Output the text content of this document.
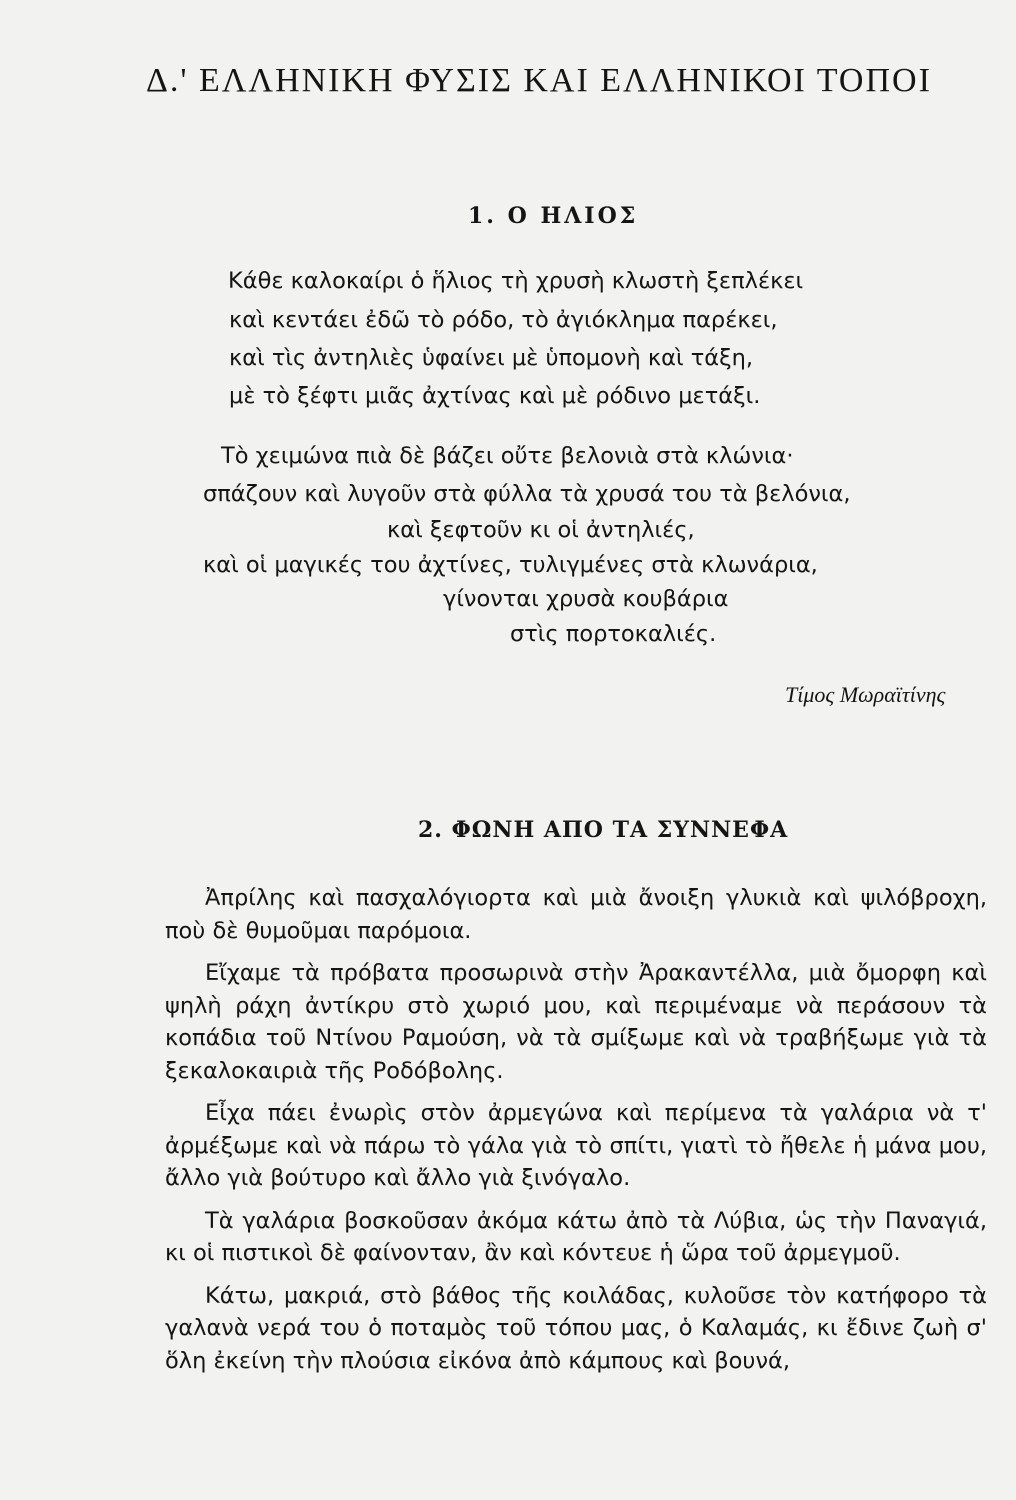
Δ.' ΕΛΛΗΝΙΚΗ ΦΥΣΙΣ ΚΑΙ ΕΛΛΗΝΙΚΟΙ ΤΟΠΟΙ
1. Ο ΗΛΙΟΣ
Κάθε καλοκαίρι ὁ ἥλιος τὴ χρυσὴ κλωστὴ ξεπλέκει
καὶ κεντάει ἐδῶ τὸ ρόδο, τὸ ἀγιόκλημα παρέκει,
καὶ τὶς ἀντηλιὲς ὑφαίνει μὲ ὑπομονὴ καὶ τάξη,
μὲ τὸ ξέφτι μιᾶς ἀχτίνας καὶ μὲ ρόδινο μετάξι.
Τὸ χειμώνα πιὰ δὲ βάζει οὔτε βελονιὰ στὰ κλώνια·
σπάζουν καὶ λυγοῦν στὰ φύλλα τὰ χρυσά του τὰ βελόνια,
καὶ ξεφτοῦν κι οἱ ἀντηλιές,
καὶ οἱ μαγικές του ἀχτίνες, τυλιγμένες στὰ κλωνάρια,
γίνονται χρυσὰ κουβάρια
στὶς πορτοκαλιές.
Τίμος Μωραϊτίνης
2. ΦΩΝΗ ΑΠΟ ΤΑ ΣΥΝΝΕΦΑ

Ἀπρίλης καὶ πασχαλόγιορτα καὶ μιὰ ἄνοιξη γλυκιὰ καὶ ψιλόβροχη, ποὺ δὲ θυμοῦμαι παρόμοια.

Εἴχαμε τὰ πρόβατα προσωρινὰ στὴν Ἀρακαντέλλα, μιὰ ὄμορφη καὶ ψηλὴ ράχη ἀντίκρυ στὸ χωριό μου, καὶ περιμέναμε νὰ περάσουν τὰ κοπάδια τοῦ Ντίνου Ραμούση, νὰ τὰ σμίξωμε καὶ νὰ τραβήξωμε γιὰ τὰ ξεκαλοκαιριὰ τῆς Ροδόβολης.

Εἶχα πάει ἐνωρὶς στὸν ἀρμεγώνα καὶ περίμενα τὰ γαλάρια νὰ τ' ἀρμέξωμε καὶ νὰ πάρω τὸ γάλα γιὰ τὸ σπίτι, γιατὶ τὸ ἤθελε ἡ μάνα μου, ἄλλο γιὰ βούτυρο καὶ ἄλλο γιὰ ξινόγαλο.

Τὰ γαλάρια βοσκοῦσαν ἀκόμα κάτω ἀπὸ τὰ Λύβια, ὡς τὴν Παναγιά, κι οἱ πιστικοὶ δὲ φαίνονταν, ἂν καὶ κόντευε ἡ ὥρα τοῦ ἀρμεγμοῦ.

Κάτω, μακριά, στὸ βάθος τῆς κοιλάδας, κυλοῦσε τὸν κατήφορο τὰ γαλανὰ νερά του ὁ ποταμὸς τοῦ τόπου μας, ὁ Καλαμάς, κι ἔδινε ζωὴ σ' ὅλη ἐκείνη τὴν πλούσια εἰκόνα ἀπὸ κάμπους καὶ βουνά,
